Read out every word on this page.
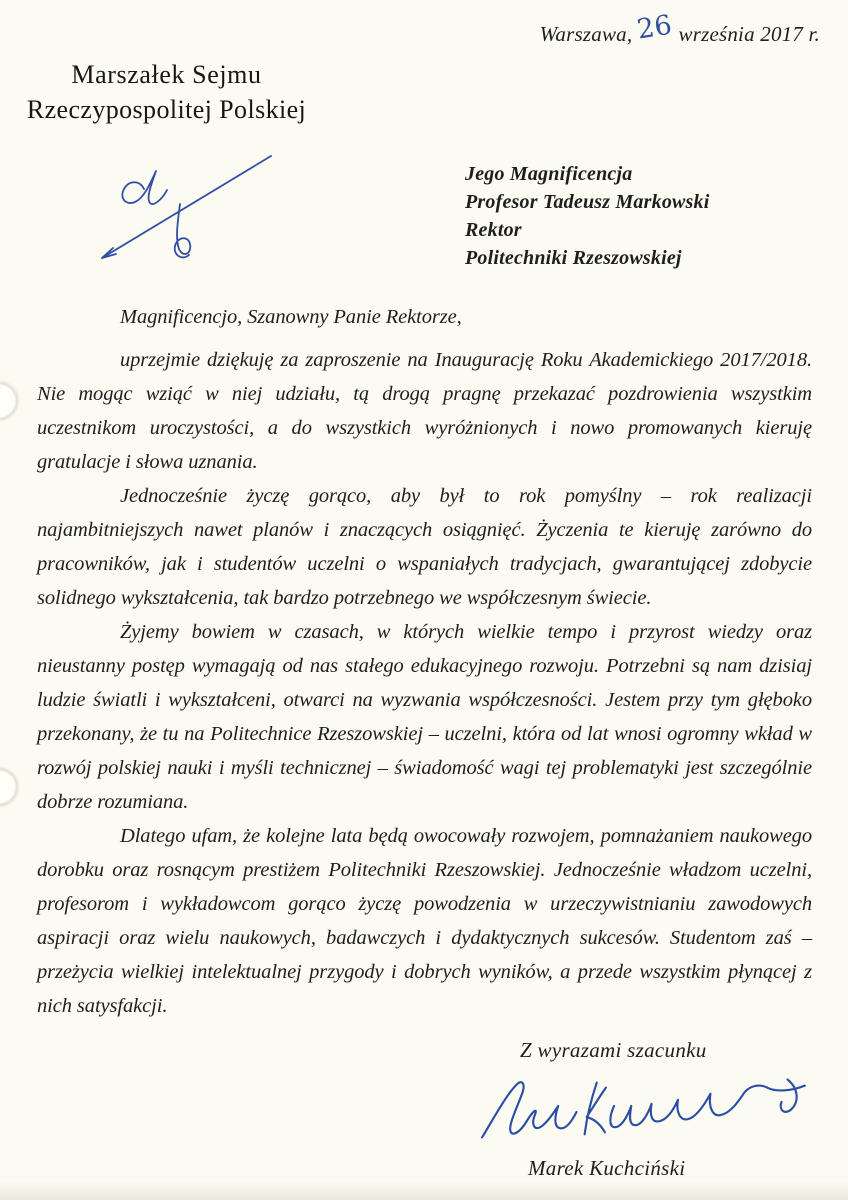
Warszawa, 26 września 2017 r.
Marszałek Sejmu
Rzeczypospolitej Polskiej
Jego Magnificencja
Profesor Tadeusz Markowski
Rektor
Politechniki Rzeszowskiej

Magnificencjo, Szanowny Panie Rektorze,

uprzejmie dziękuję za zaproszenie na Inaugurację Roku Akademickiego 2017/2018. Nie mogąc wziąć w niej udziału, tą drogą pragnę przekazać pozdrowienia wszystkim uczestnikom uroczystości, a do wszystkich wyróżnionych i nowo promowanych kieruję gratulacje i słowa uznania.

Jednocześnie życzę gorąco, aby był to rok pomyślny – rok realizacji najambitniejszych nawet planów i znaczących osiągnięć. Życzenia te kieruję zarówno do pracowników, jak i studentów uczelni o wspaniałych tradycjach, gwarantującej zdobycie solidnego wykształcenia, tak bardzo potrzebnego we współczesnym świecie.

Żyjemy bowiem w czasach, w których wielkie tempo i przyrost wiedzy oraz nieustanny postęp wymagają od nas stałego edukacyjnego rozwoju. Potrzebni są nam dzisiaj ludzie światli i wykształceni, otwarci na wyzwania współczesności. Jestem przy tym głęboko przekonany, że tu na Politechnice Rzeszowskiej – uczelni, która od lat wnosi ogromny wkład w rozwój polskiej nauki i myśli technicznej – świadomość wagi tej problematyki jest szczególnie dobrze rozumiana.

Dlatego ufam, że kolejne lata będą owocowały rozwojem, pomnażaniem naukowego dorobku oraz rosnącym prestiżem Politechniki Rzeszowskiej. Jednocześnie władzom uczelni, profesorom i wykładowcom gorąco życzę powodzenia w urzeczywistnianiu zawodowych aspiracji oraz wielu naukowych, badawczych i dydaktycznych sukcesów. Studentom zaś – przeżycia wielkiej intelektualnej przygody i dobrych wyników, a przede wszystkim płynącej z nich satysfakcji.

Z wyrazami szacunku
Marek Kuchciński
